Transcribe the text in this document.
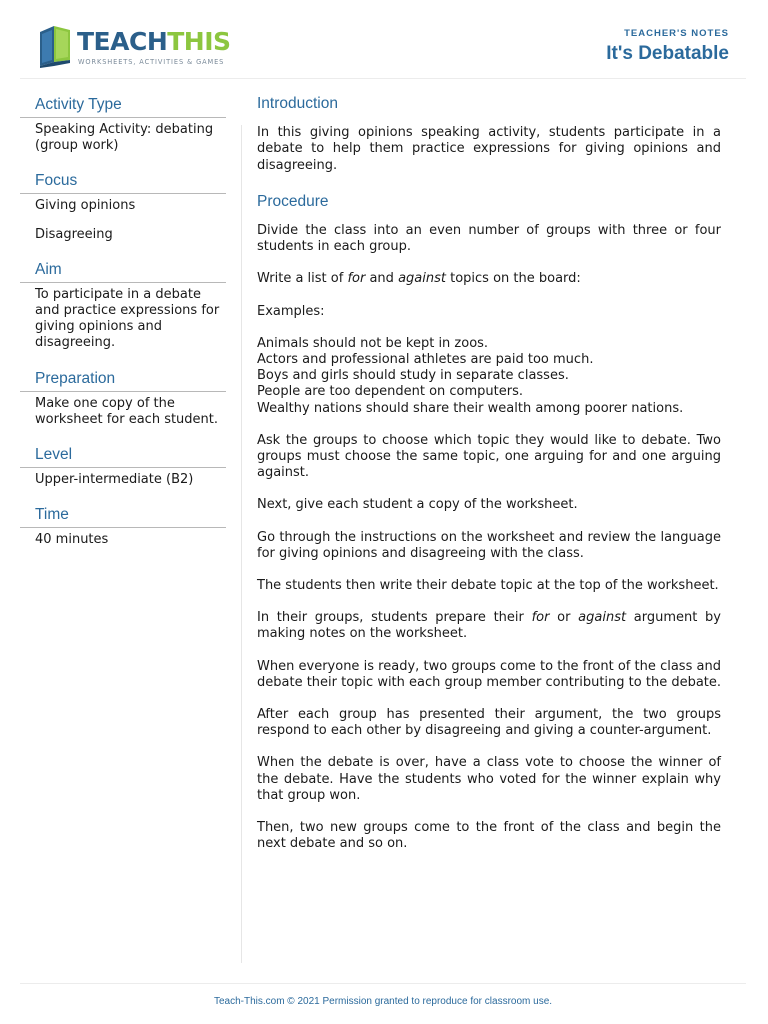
TEACHTHIS
WORKSHEETS, ACTIVITIES & GAMES
TEACHER'S NOTES
It's Debatable
Activity Type

Speaking Activity: debating (group work)

Focus

Giving opinions

Disagreeing

Aim

To participate in a debate and practice expressions for giving opinions and disagreeing.

Preparation

Make one copy of the worksheet for each student.

Level

Upper-intermediate (B2)

Time

40 minutes

Introduction

In this giving opinions speaking activity, students participate in a debate to help them practice expressions for giving opinions and disagreeing.

Procedure

Divide the class into an even number of groups with three or four students in each group.

Write a list of for and against topics on the board:

Examples:

Animals should not be kept in zoos.

Actors and professional athletes are paid too much.

Boys and girls should study in separate classes.

People are too dependent on computers.

Wealthy nations should share their wealth among poorer nations.

Ask the groups to choose which topic they would like to debate. Two groups must choose the same topic, one arguing for and one arguing against.

Next, give each student a copy of the worksheet.

Go through the instructions on the worksheet and review the language for giving opinions and disagreeing with the class.

The students then write their debate topic at the top of the worksheet.

In their groups, students prepare their for or against argument by making notes on the worksheet.

When everyone is ready, two groups come to the front of the class and debate their topic with each group member contributing to the debate.

After each group has presented their argument, the two groups respond to each other by disagreeing and giving a counter-argument.

When the debate is over, have a class vote to choose the winner of the debate. Have the students who voted for the winner explain why that group won.

Then, two new groups come to the front of the class and begin the next debate and so on.

Teach-This.com © 2021 Permission granted to reproduce for classroom use.
